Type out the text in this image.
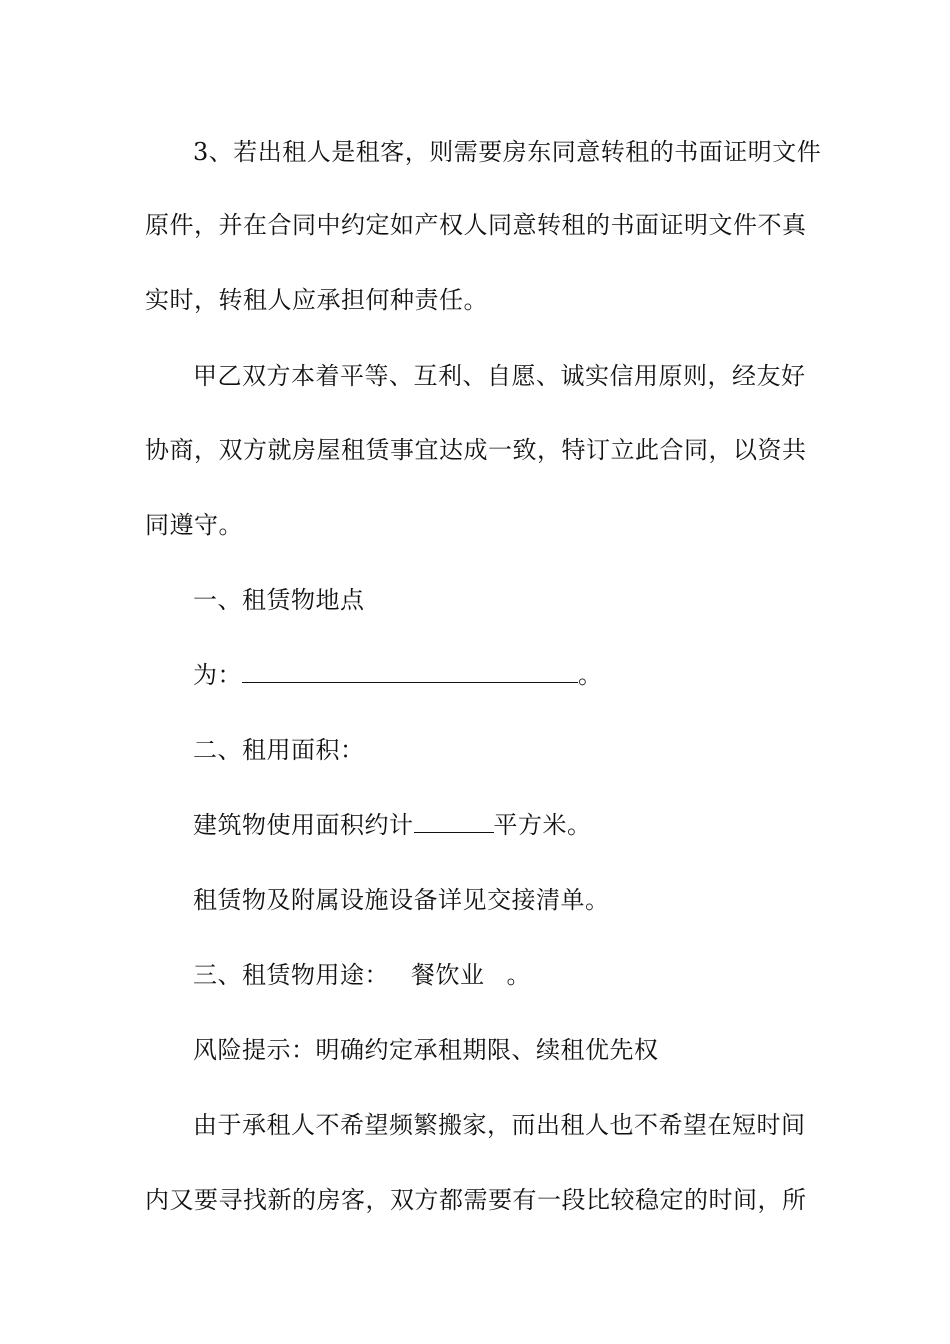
3、若出租人是租客，则需要房东同意转租的书面证明文件
原件，并在合同中约定如产权人同意转租的书面证明文件不真
实时，转租人应承担何种责任。
甲乙双方本着平等、互利、自愿、诚实信用原则，经友好
协商，双方就房屋租赁事宜达成一致，特订立此合同，以资共
同遵守。
一、租赁物地点
为：	。
二、租用面积：
建筑物使用面积约计	平方米。
租赁物及附属设施设备详见交接清单。
三、租赁物用途： 餐饮业 。
风险提示：明确约定承租期限、续租优先权
由于承租人不希望频繁搬家，而出租人也不希望在短时间
内又要寻找新的房客，双方都需要有一段比较稳定的时间，所
